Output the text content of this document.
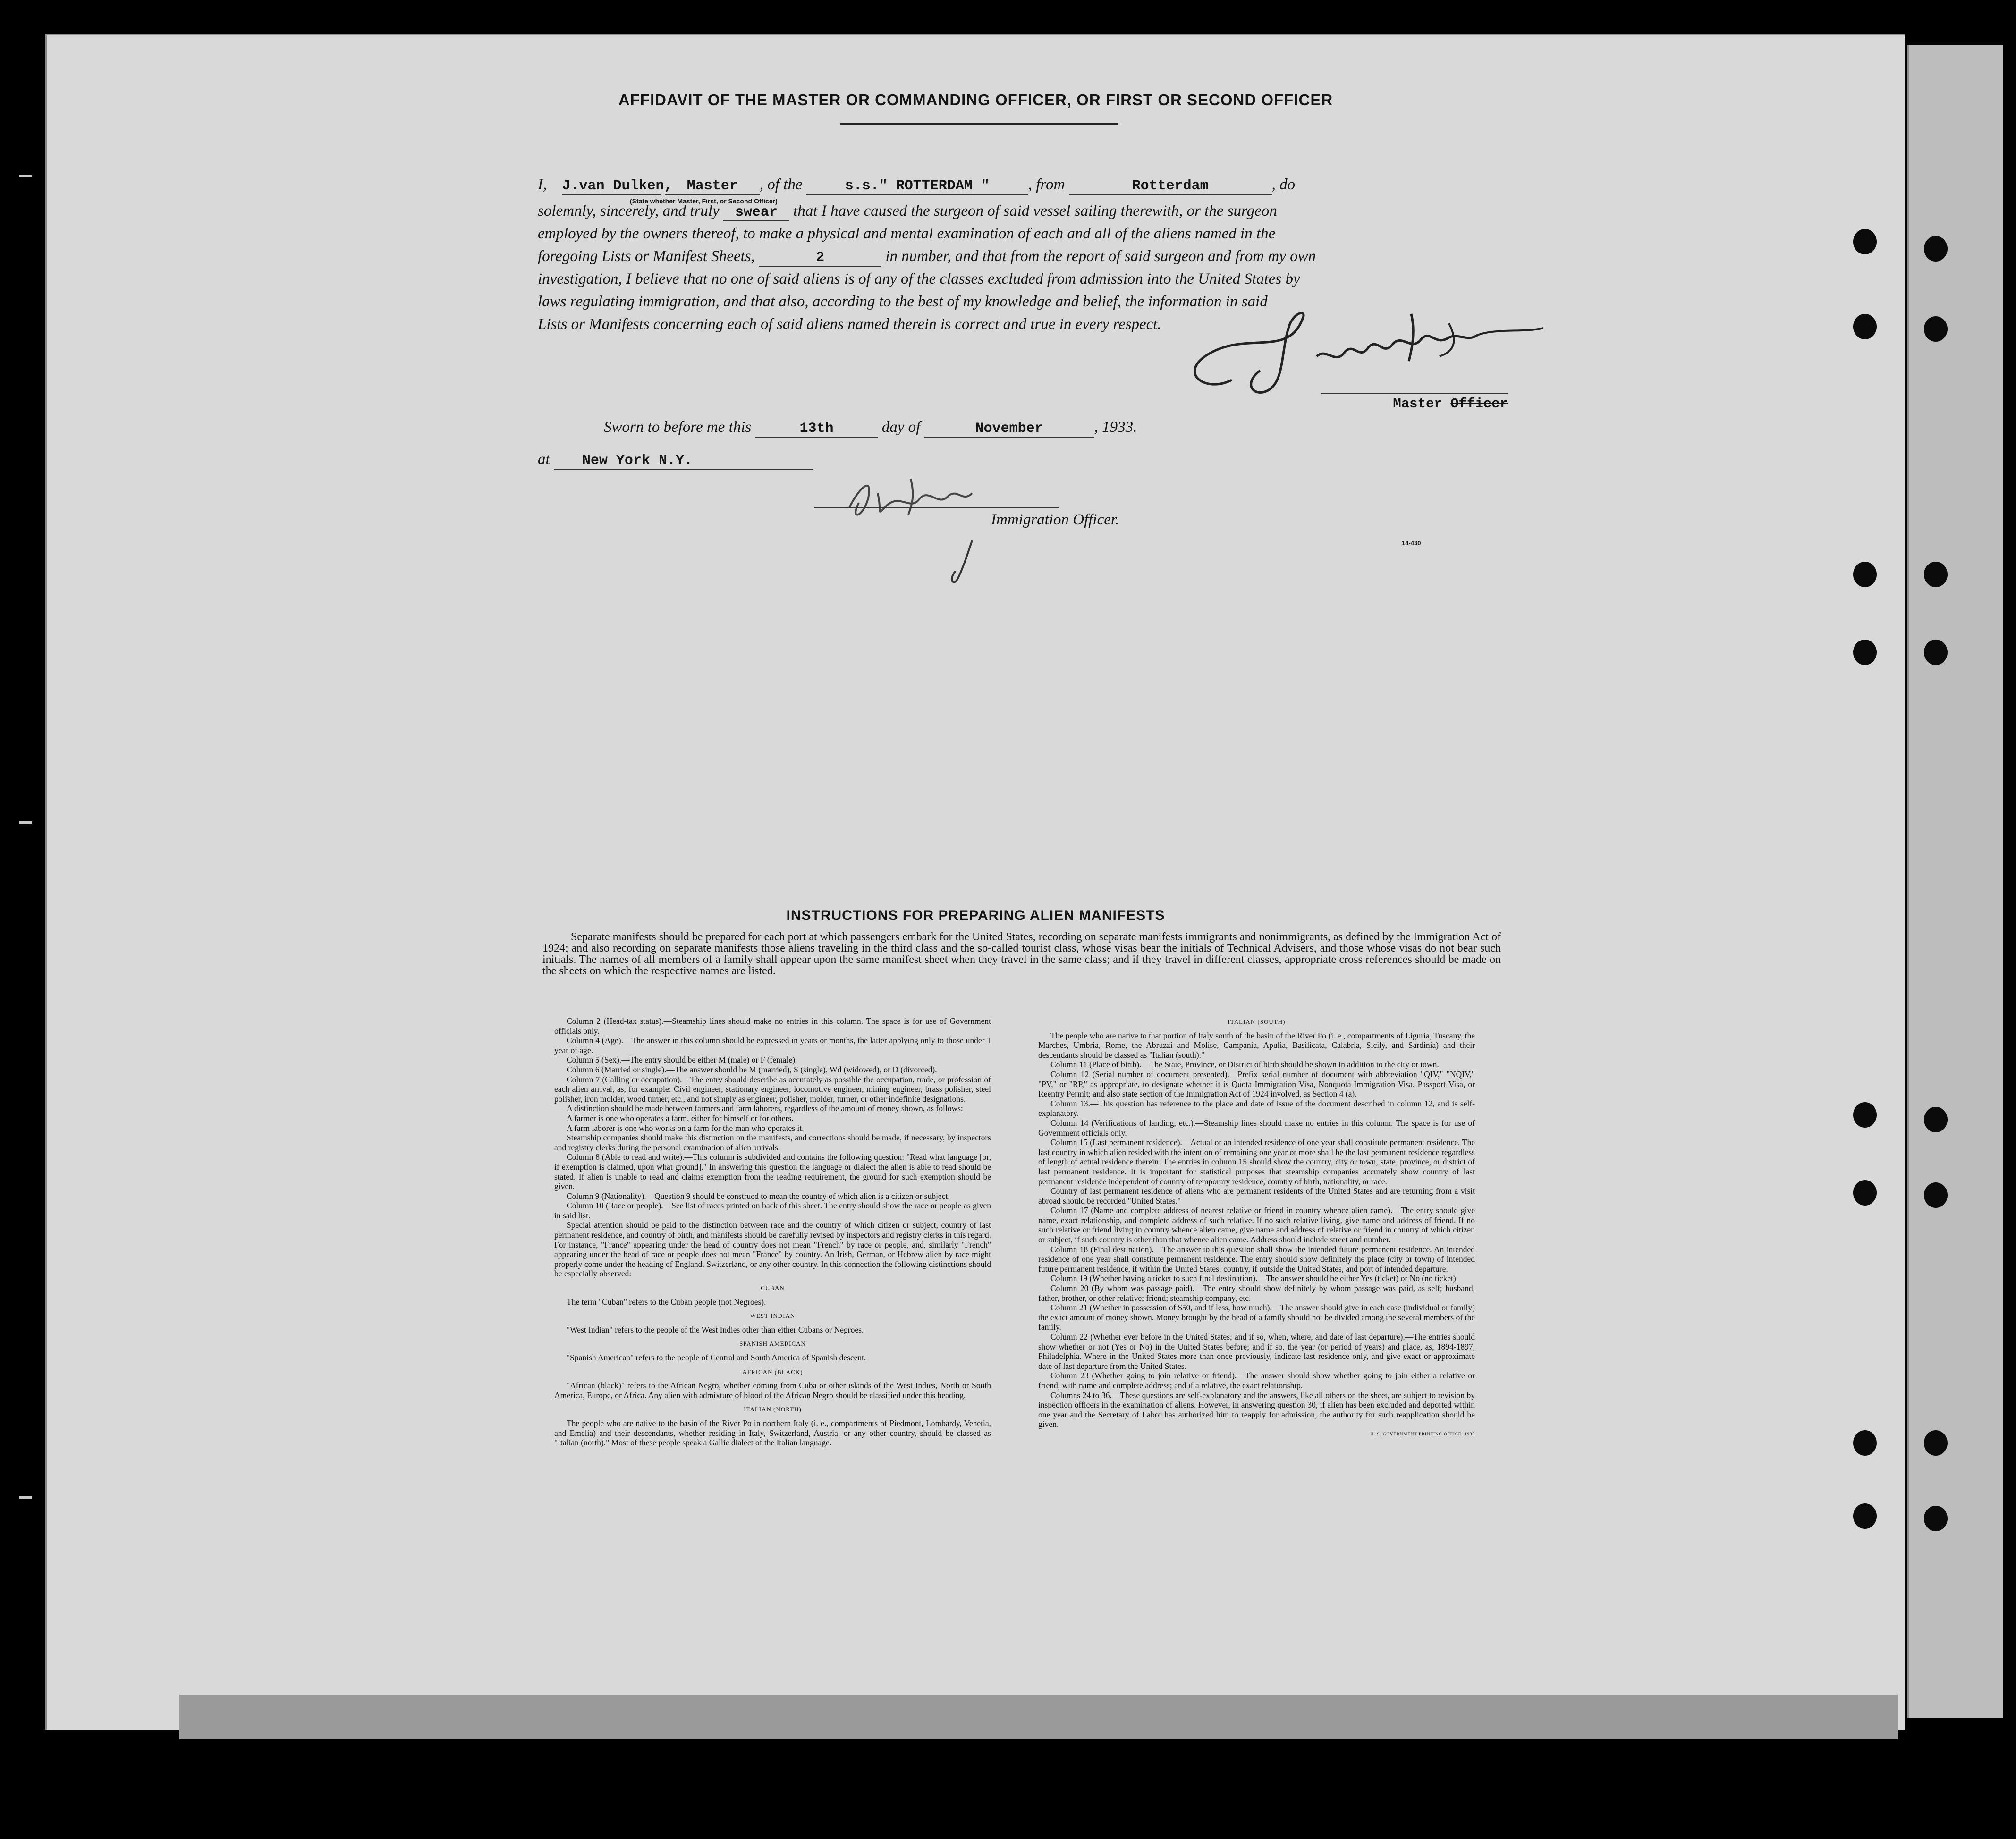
AFFIDAVIT OF THE MASTER OR COMMANDING OFFICER, OR FIRST OR SECOND OFFICER
I, J.van Dulken, Master , of the	s.s." ROTTERDAM " , from	Rotterdam	, do
(State whether Master, First, or Second Officer)
solemnly, sincerely, and truly swear that I have caused the surgeon of said vessel sailing therewith, or the surgeon
employed by the owners thereof, to make a physical and mental examination of each and all of the aliens named in the
foregoing Lists or Manifest Sheets,	2	in number, and that from the report of said surgeon and from my own
investigation, I believe that no one of said aliens is of any of the classes excluded from admission into the United States by
laws regulating immigration, and that also, according to the best of my knowledge and belief, the information in said
Lists or Manifests concerning each of said aliens named therein is correct and true in every respect.
Master Officer
Sworn to before me this	13th	day of	November	, 1933.
at New York N.Y.
Immigration Officer.
14-430
INSTRUCTIONS FOR PREPARING ALIEN MANIFESTS
Separate manifests should be prepared for each port at which passengers embark for the United States, recording on separate manifests immigrants and nonimmigrants, as defined by the Immigration Act of 1924; and also recording on separate manifests those aliens traveling in the third class and the so-called tourist class, whose visas bear the initials of Technical Advisers, and those whose visas do not bear such initials. The names of all members of a family shall appear upon the same manifest sheet when they travel in the same class; and if they travel in different classes, appropriate cross references should be made on the sheets on which the respective names are listed.

Column 2 (Head-tax status).—Steamship lines should make no entries in this column. The space is for use of Government officials only.

Column 4 (Age).—The answer in this column should be expressed in years or months, the latter applying only to those under 1 year of age.

Column 5 (Sex).—The entry should be either M (male) or F (female).

Column 6 (Married or single).—The answer should be M (married), S (single), Wd (widowed), or D (divorced).

Column 7 (Calling or occupation).—The entry should describe as accurately as possible the occupation, trade, or profession of each alien arrival, as, for example: Civil engineer, stationary engineer, locomotive engineer, mining engineer, brass polisher, steel polisher, iron molder, wood turner, etc., and not simply as engineer, polisher, molder, turner, or other indefinite designations.

A distinction should be made between farmers and farm laborers, regardless of the amount of money shown, as follows:

A farmer is one who operates a farm, either for himself or for others.

A farm laborer is one who works on a farm for the man who operates it.

Steamship companies should make this distinction on the manifests, and corrections should be made, if necessary, by inspectors and registry clerks during the personal examination of alien arrivals.

Column 8 (Able to read and write).—This column is subdivided and contains the following question: "Read what language [or, if exemption is claimed, upon what ground]." In answering this question the language or dialect the alien is able to read should be stated. If alien is unable to read and claims exemption from the reading requirement, the ground for such exemption should be given.

Column 9 (Nationality).—Question 9 should be construed to mean the country of which alien is a citizen or subject.

Column 10 (Race or people).—See list of races printed on back of this sheet. The entry should show the race or people as given in said list.

Special attention should be paid to the distinction between race and the country of which citizen or subject, country of last permanent residence, and country of birth, and manifests should be carefully revised by inspectors and registry clerks in this regard. For instance, "France" appearing under the head of country does not mean "French" by race or people, and, similarly "French" appearing under the head of race or people does not mean "France" by country. An Irish, German, or Hebrew alien by race might properly come under the heading of England, Switzerland, or any other country. In this connection the following distinctions should be especially observed:

CUBAN

The term "Cuban" refers to the Cuban people (not Negroes).

WEST INDIAN

"West Indian" refers to the people of the West Indies other than either Cubans or Negroes.

SPANISH AMERICAN

"Spanish American" refers to the people of Central and South America of Spanish descent.

AFRICAN (BLACK)

"African (black)" refers to the African Negro, whether coming from Cuba or other islands of the West Indies, North or South America, Europe, or Africa. Any alien with admixture of blood of the African Negro should be classified under this heading.

ITALIAN (NORTH)

The people who are native to the basin of the River Po in northern Italy (i. e., compartments of Piedmont, Lombardy, Venetia, and Emelia) and their descendants, whether residing in Italy, Switzerland, Austria, or any other country, should be classed as "Italian (north)." Most of these people speak a Gallic dialect of the Italian language.

ITALIAN (SOUTH)

The people who are native to that portion of Italy south of the basin of the River Po (i. e., compartments of Liguria, Tuscany, the Marches, Umbria, Rome, the Abruzzi and Molise, Campania, Apulia, Basilicata, Calabria, Sicily, and Sardinia) and their descendants should be classed as "Italian (south)."

Column 11 (Place of birth).—The State, Province, or District of birth should be shown in addition to the city or town.

Column 12 (Serial number of document presented).—Prefix serial number of document with abbreviation "QIV," "NQIV," "PV," or "RP," as appropriate, to designate whether it is Quota Immigration Visa, Nonquota Immigration Visa, Passport Visa, or Reentry Permit; and also state section of the Immigration Act of 1924 involved, as Section 4 (a).

Column 13.—This question has reference to the place and date of issue of the document described in column 12, and is self-explanatory.

Column 14 (Verifications of landing, etc.).—Steamship lines should make no entries in this column. The space is for use of Government officials only.

Column 15 (Last permanent residence).—Actual or an intended residence of one year shall constitute permanent residence. The last country in which alien resided with the intention of remaining one year or more shall be the last permanent residence regardless of length of actual residence therein. The entries in column 15 should show the country, city or town, state, province, or district of last permanent residence. It is important for statistical purposes that steamship companies accurately show country of last permanent residence independent of country of temporary residence, country of birth, nationality, or race.

Country of last permanent residence of aliens who are permanent residents of the United States and are returning from a visit abroad should be recorded "United States."

Column 17 (Name and complete address of nearest relative or friend in country whence alien came).—The entry should give name, exact relationship, and complete address of such relative. If no such relative living, give name and address of friend. If no such relative or friend living in country whence alien came, give name and address of relative or friend in country of which citizen or subject, if such country is other than that whence alien came. Address should include street and number.

Column 18 (Final destination).—The answer to this question shall show the intended future permanent residence. An intended residence of one year shall constitute permanent residence. The entry should show definitely the place (city or town) of intended future permanent residence, if within the United States; country, if outside the United States, and port of intended departure.

Column 19 (Whether having a ticket to such final destination).—The answer should be either Yes (ticket) or No (no ticket).

Column 20 (By whom was passage paid).—The entry should show definitely by whom passage was paid, as self; husband, father, brother, or other relative; friend; steamship company, etc.

Column 21 (Whether in possession of $50, and if less, how much).—The answer should give in each case (individual or family) the exact amount of money shown. Money brought by the head of a family should not be divided among the several members of the family.

Column 22 (Whether ever before in the United States; and if so, when, where, and date of last departure).—The entries should show whether or not (Yes or No) in the United States before; and if so, the year (or period of years) and place, as, 1894-1897, Philadelphia. Where in the United States more than once previously, indicate last residence only, and give exact or approximate date of last departure from the United States.

Column 23 (Whether going to join relative or friend).—The answer should show whether going to join either a relative or friend, with name and complete address; and if a relative, the exact relationship.

Columns 24 to 36.—These questions are self-explanatory and the answers, like all others on the sheet, are subject to revision by inspection officers in the examination of aliens. However, in answering question 30, if alien has been excluded and deported within one year and the Secretary of Labor has authorized him to reapply for admission, the authority for such reapplication should be given.

U. S. GOVERNMENT PRINTING OFFICE: 1933
